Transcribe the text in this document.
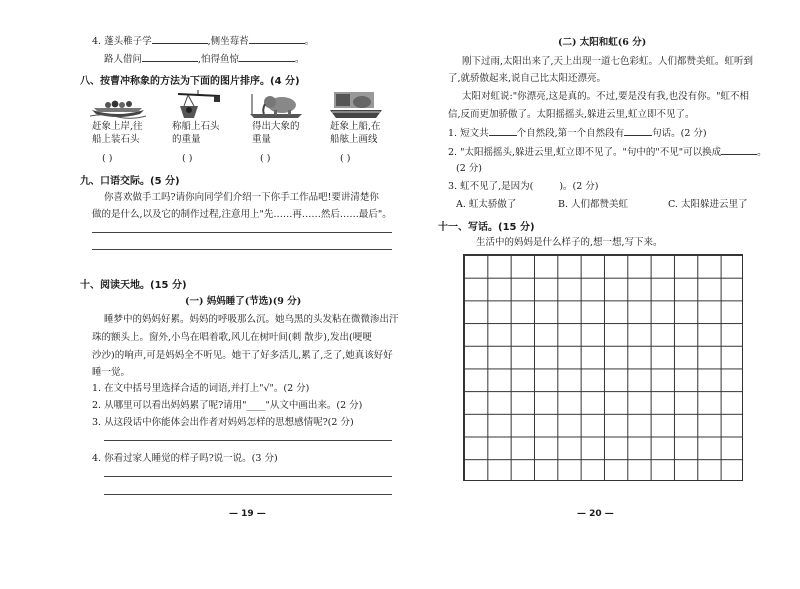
4. 蓬头稚子学	,侧坐莓苔	。
路人借问	,怕得鱼惊	。
八、按曹冲称象的方法为下面的图片排序。(4 分)
赶象上岸,往
船上装石头
称船上石头
的重量
得出大象的
重量
赶象上船,在
船舷上画线
( )	( )	( )	( )
九、口语交际。(5 分)
你喜欢做手工吗?请你向同学们介绍一下你手工作品吧!要讲清楚你
做的是什么,以及它的制作过程,注意用上"先……再……然后……最后"。
十、阅读天地。(15 分)
(一) 妈妈睡了(节选)(9 分)
睡梦中的妈妈好累。妈妈的呼吸那么沉。她乌黑的头发粘在微微渗出汗
珠的额头上。窗外,小鸟在唱着歌,风儿在树叶间(刺 散步),发出(哽哽
沙沙)的响声,可是妈妈全不听见。她干了好多活儿,累了,乏了,她真该好好
睡一觉。
1. 在文中括号里选择合适的词语,并打上"√"。(2 分)
2. 从哪里可以看出妈妈累了呢?请用"____"从文中画出来。(2 分)
3. 从这段话中你能体会出作者对妈妈怎样的思想感情呢?(2 分)
4. 你看过家人睡觉的样子吗?说一说。(3 分)
— 19 —
(二) 太阳和虹(6 分)
刚下过雨,太阳出来了,天上出现一道七色彩虹。人们都赞美虹。虹听到
了,就骄傲起来,说自己比太阳还漂亮。
太阳对虹说:"你漂亮,这是真的。不过,要是没有我,也没有你。"虹不相
信,反而更加骄傲了。太阳摇摇头,躲进云里,虹立即不见了。
1. 短文共	个自然段,第一个自然段有	句话。(2 分)
2. "太阳摇摇头,躲进云里,虹立即不见了。"句中的"不见"可以换成	。
(2 分)
3. 虹不见了,是因为(	)。(2 分)
A. 虹太骄傲了	B. 人们都赞美虹	C. 太阳躲进云里了
十一、写话。(15 分)
生活中的妈妈是什么样子的,想一想,写下来。
— 20 —
